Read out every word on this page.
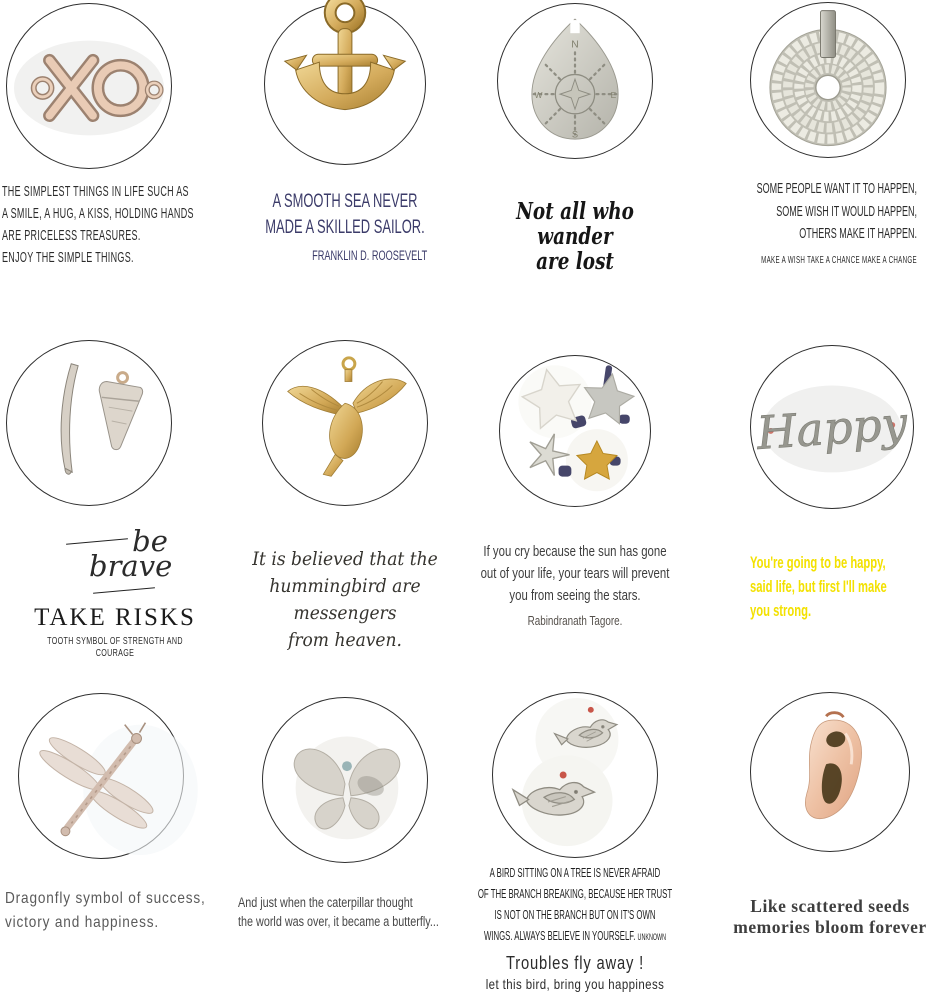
THE SIMPLEST THINGS IN LIFE SUCH AS
A SMILE, A HUG, A KISS, HOLDING HANDS
ARE PRICELESS TREASURES.
ENJOY THE SIMPLE THINGS.
A SMOOTH SEA NEVER
MADE A SKILLED SAILOR.
FRANKLIN D. ROOSEVELT
N
W	E
S
Not all who wander
are lost
SOME PEOPLE WANT IT TO HAPPEN,
SOME WISH IT WOULD HAPPEN,
OTHERS MAKE IT HAPPEN.
MAKE A WISH TAKE A CHANCE MAKE A CHANGE
be
brave
TAKE RISKS
TOOTH SYMBOL OF STRENGTH AND COURAGE
It is believed that the
hummingbird are messengers
from heaven.
If you cry because the sun has gone
out of your life, your tears will prevent
you from seeing the stars.
Rabindranath Tagore.
Happy
You're going to be happy,
said life, but first I'll make
you strong.
Dragonfly symbol of success,
victory and happiness.
And just when the caterpillar thought
the world was over, it became a butterfly...
A BIRD SITTING ON A TREE IS NEVER AFRAID
OF THE BRANCH BREAKING, BECAUSE HER TRUST
IS NOT ON THE BRANCH BUT ON IT'S OWN
WINGS. ALWAYS BELIEVE IN YOURSELF. UNKNOWN
Troubles fly away !
let this bird, bring you happiness
Like scattered seeds
memories bloom forever
